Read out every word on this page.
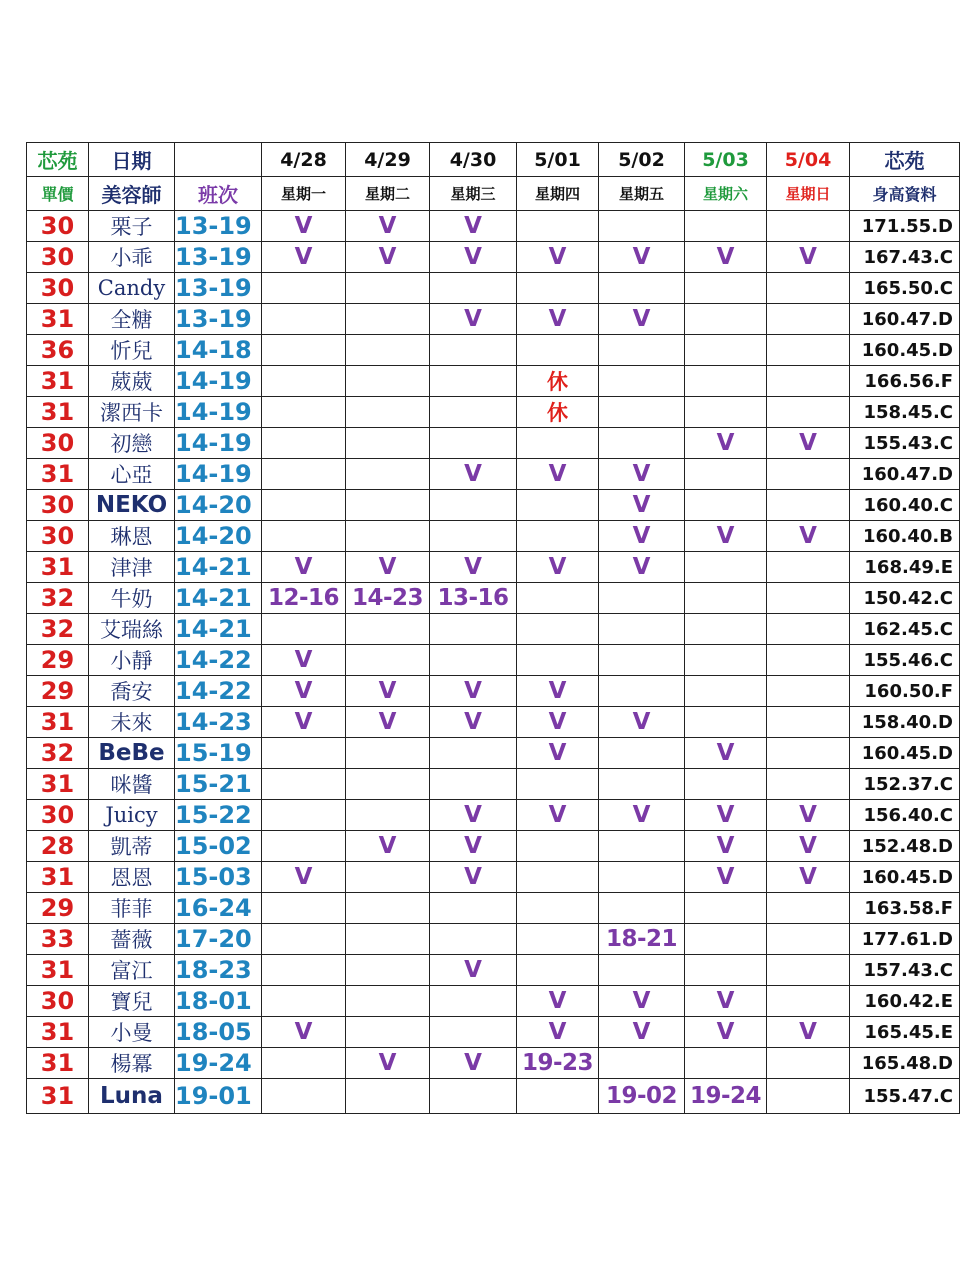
芯苑	日期		4/28	4/29	4/30	5/01	5/02	5/03	5/04	芯苑
單價	美容師	班次	星期一	星期二	星期三	星期四	星期五	星期六	星期日	身高資料
30	栗子	13-19	V	V	V					171.55.D
30	小乖	13-19	V	V	V	V	V	V	V	167.43.C
30	Candy	13-19								165.50.C
31	全糖	13-19			V	V	V			160.47.D
36	忻兒	14-18								160.45.D
31	葳葳	14-19				休				166.56.F
31	潔西卡	14-19				休				158.45.C
30	初戀	14-19						V	V	155.43.C
31	心亞	14-19			V	V	V			160.47.D
30	NEKO	14-20					V			160.40.C
30	琳恩	14-20					V	V	V	160.40.B
31	津津	14-21	V	V	V	V	V			168.49.E
32	牛奶	14-21	12-16	14-23	13-16					150.42.C
32	艾瑞絲	14-21								162.45.C
29	小靜	14-22	V							155.46.C
29	喬安	14-22	V	V	V	V				160.50.F
31	未來	14-23	V	V	V	V	V			158.40.D
32	BeBe	15-19				V		V		160.45.D
31	咪醬	15-21								152.37.C
30	Juicy	15-22			V	V	V	V	V	156.40.C
28	凱蒂	15-02		V	V			V	V	152.48.D
31	恩恩	15-03	V		V			V	V	160.45.D
29	菲菲	16-24								163.58.F
33	薔薇	17-20					18-21			177.61.D
31	富江	18-23			V					157.43.C
30	寶兒	18-01				V	V	V		160.42.E
31	小曼	18-05	V			V	V	V	V	165.45.E
31	楊冪	19-24		V	V	19-23				165.48.D
31	Luna	19-01					19-02	19-24		155.47.C
